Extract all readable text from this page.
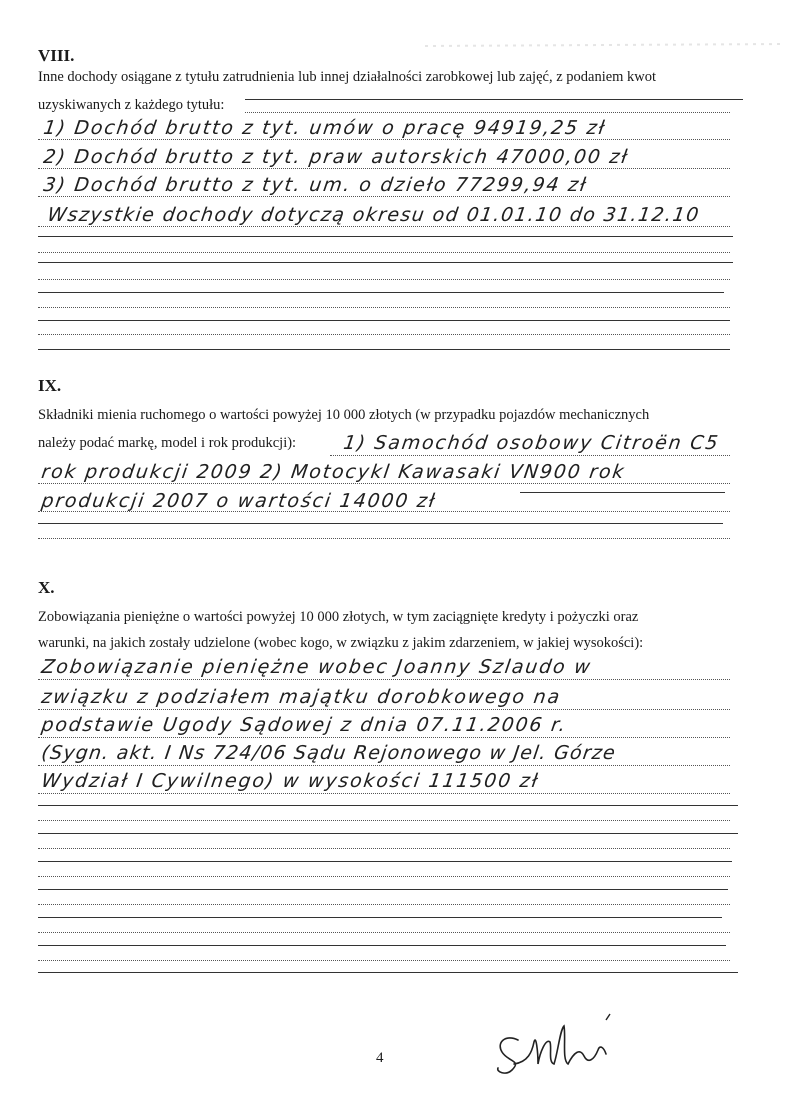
VIII.
Inne dochody osiągane z tytułu zatrudnienia lub innej działalności zarobkowej lub zajęć, z podaniem kwot
uzyskiwanych z każdego tytułu:
1) Dochód brutto z tyt. umów o pracę 94919,25 zł
2) Dochód brutto z tyt. praw autorskich 47000,00 zł
3) Dochód brutto z tyt. um. o dzieło 77299,94 zł
Wszystkie dochody dotyczą okresu od 01.01.10 do 31.12.10
IX.
Składniki mienia ruchomego o wartości powyżej 10 000 złotych (w przypadku pojazdów mechanicznych
należy podać markę, model i rok produkcji): 1) Samochód osobowy Citroën C5
rok produkcji 2009 2) Motocykl Kawasaki VN900 rok
produkcji 2007 o wartości 14000 zł
X.
Zobowiązania pieniężne o wartości powyżej 10 000 złotych, w tym zaciągnięte kredyty i pożyczki oraz
warunki, na jakich zostały udzielone (wobec kogo, w związku z jakim zdarzeniem, w jakiej wysokości):
Zobowiązanie pieniężne wobec Joanny Szlaudo w
związku z podziałem majątku dorobkowego na
podstawie Ugody Sądowej z dnia 07.11.2006 r.
(Sygn. akt. I Ns 724/06 Sądu Rejonowego w Jel. Górze
Wydział I Cywilnego) w wysokości 111500 zł
4
